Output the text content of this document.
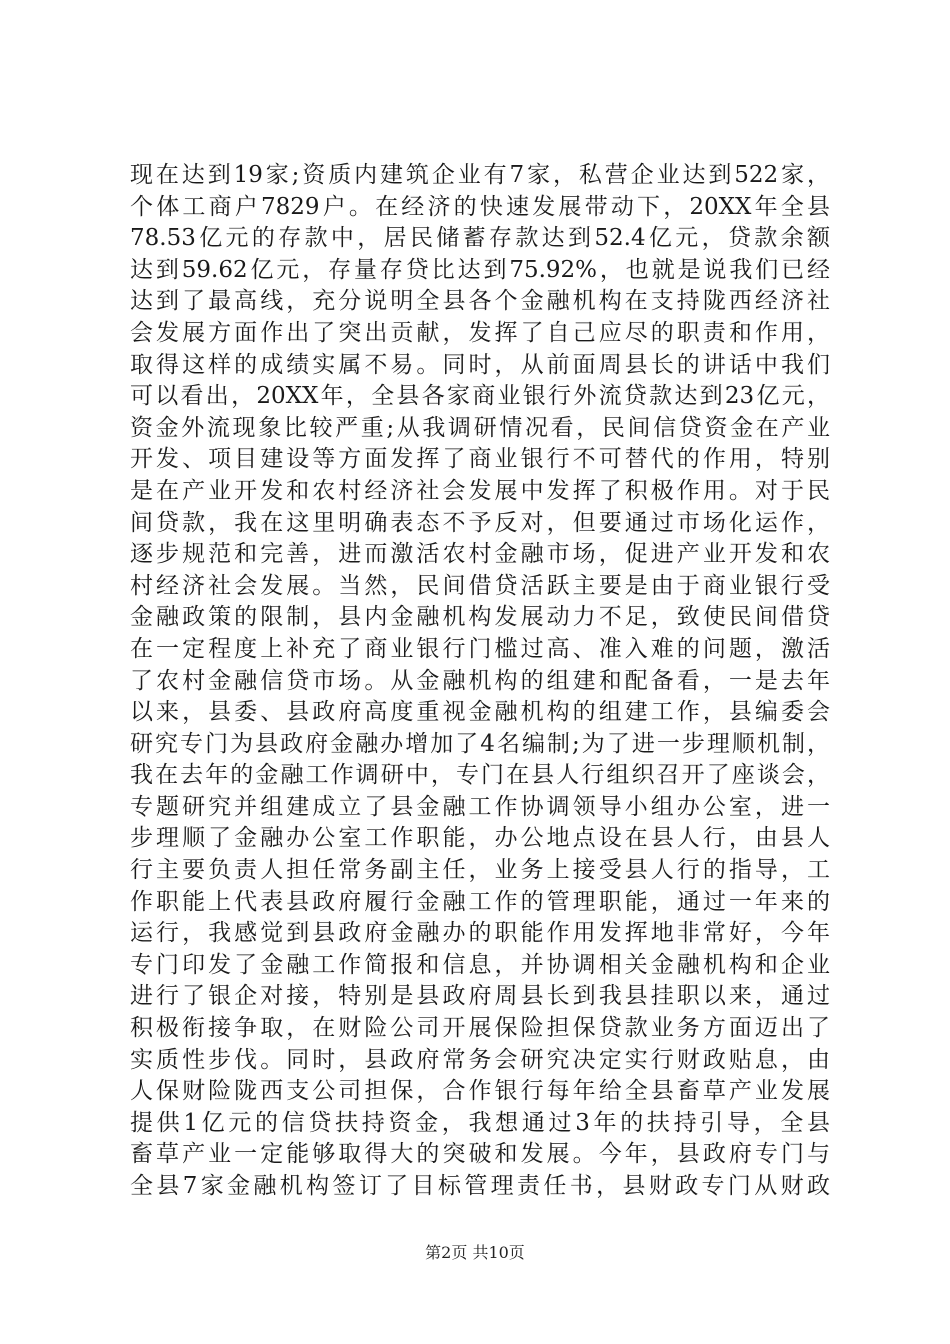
现在达到19家;资质内建筑企业有7家，私营企业达到522家，
个体工商户7829户。在经济的快速发展带动下，20XX年全县
78.53亿元的存款中，居民储蓄存款达到52.4亿元，贷款余额
达到59.62亿元，存量存贷比达到75.92%，也就是说我们已经
达到了最高线，充分说明全县各个金融机构在支持陇西经济社
会发展方面作出了突出贡献，发挥了自己应尽的职责和作用，
取得这样的成绩实属不易。同时，从前面周县长的讲话中我们
可以看出，20XX年，全县各家商业银行外流贷款达到23亿元，
资金外流现象比较严重;从我调研情况看，民间信贷资金在产业
开发、项目建设等方面发挥了商业银行不可替代的作用，特别
是在产业开发和农村经济社会发展中发挥了积极作用。对于民
间贷款，我在这里明确表态不予反对，但要通过市场化运作，
逐步规范和完善，进而激活农村金融市场，促进产业开发和农
村经济社会发展。当然，民间借贷活跃主要是由于商业银行受
金融政策的限制，县内金融机构发展动力不足，致使民间借贷
在一定程度上补充了商业银行门槛过高、准入难的问题，激活
了农村金融信贷市场。从金融机构的组建和配备看，一是去年
以来，县委、县政府高度重视金融机构的组建工作，县编委会
研究专门为县政府金融办增加了4名编制;为了进一步理顺机制，
我在去年的金融工作调研中，专门在县人行组织召开了座谈会，
专题研究并组建成立了县金融工作协调领导小组办公室，进一
步理顺了金融办公室工作职能，办公地点设在县人行，由县人
行主要负责人担任常务副主任，业务上接受县人行的指导，工
作职能上代表县政府履行金融工作的管理职能，通过一年来的
运行，我感觉到县政府金融办的职能作用发挥地非常好，今年
专门印发了金融工作简报和信息，并协调相关金融机构和企业
进行了银企对接，特别是县政府周县长到我县挂职以来，通过
积极衔接争取，在财险公司开展保险担保贷款业务方面迈出了
实质性步伐。同时，县政府常务会研究决定实行财政贴息，由
人保财险陇西支公司担保，合作银行每年给全县畜草产业发展
提供1亿元的信贷扶持资金，我想通过3年的扶持引导，全县
畜草产业一定能够取得大的突破和发展。今年，县政府专门与
全县7家金融机构签订了目标管理责任书，县财政专门从财政
第2页 共10页
